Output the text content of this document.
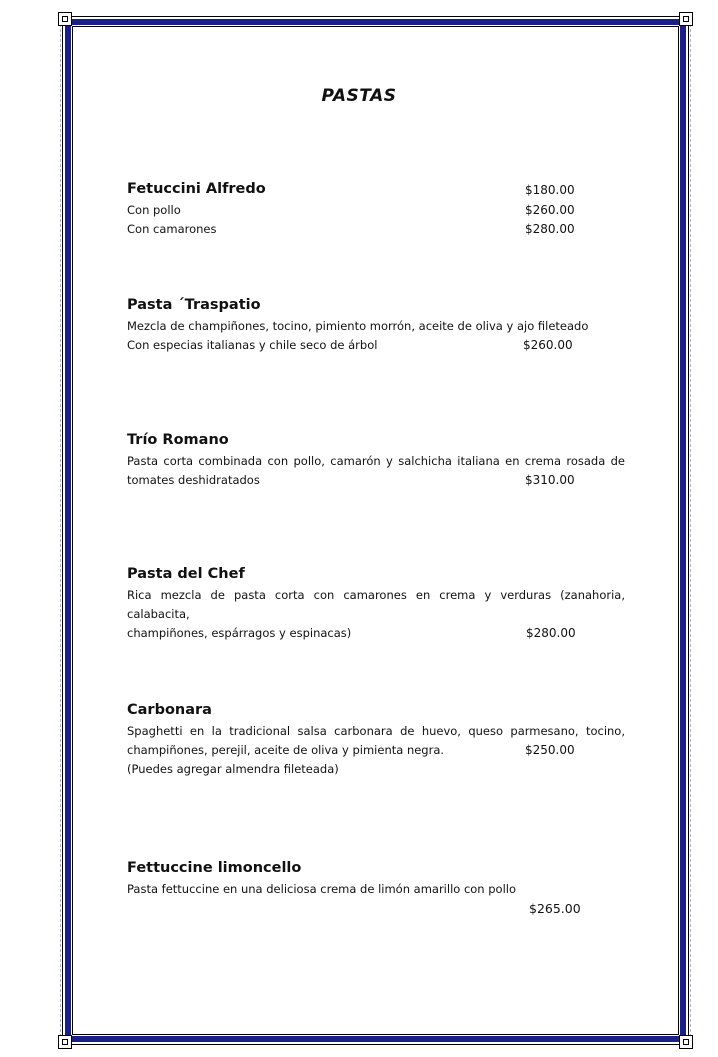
PASTAS
Fetuccini Alfredo	$180.00
Con pollo	$260.00
Con camarones	$280.00
Pasta ´Traspatio
Mezcla de champiñones, tocino, pimiento morrón, aceite de oliva y ajo fileteado
Con especias italianas y chile seco de árbol	$260.00
Trío Romano
Pasta corta combinada con pollo, camarón y salchicha italiana en crema rosada de
tomates deshidratados	$310.00
Pasta del Chef
Rica mezcla de pasta corta con camarones en crema y verduras (zanahoria, calabacita,
champiñones, espárragos y espinacas)	$280.00
Carbonara
Spaghetti en la tradicional salsa carbonara de huevo, queso parmesano, tocino,
champiñones, perejil, aceite de oliva y pimienta negra.	$250.00
(Puedes agregar almendra fileteada)
Fettuccine limoncello
Pasta fettuccine en una deliciosa crema de limón amarillo con pollo
$265.00
